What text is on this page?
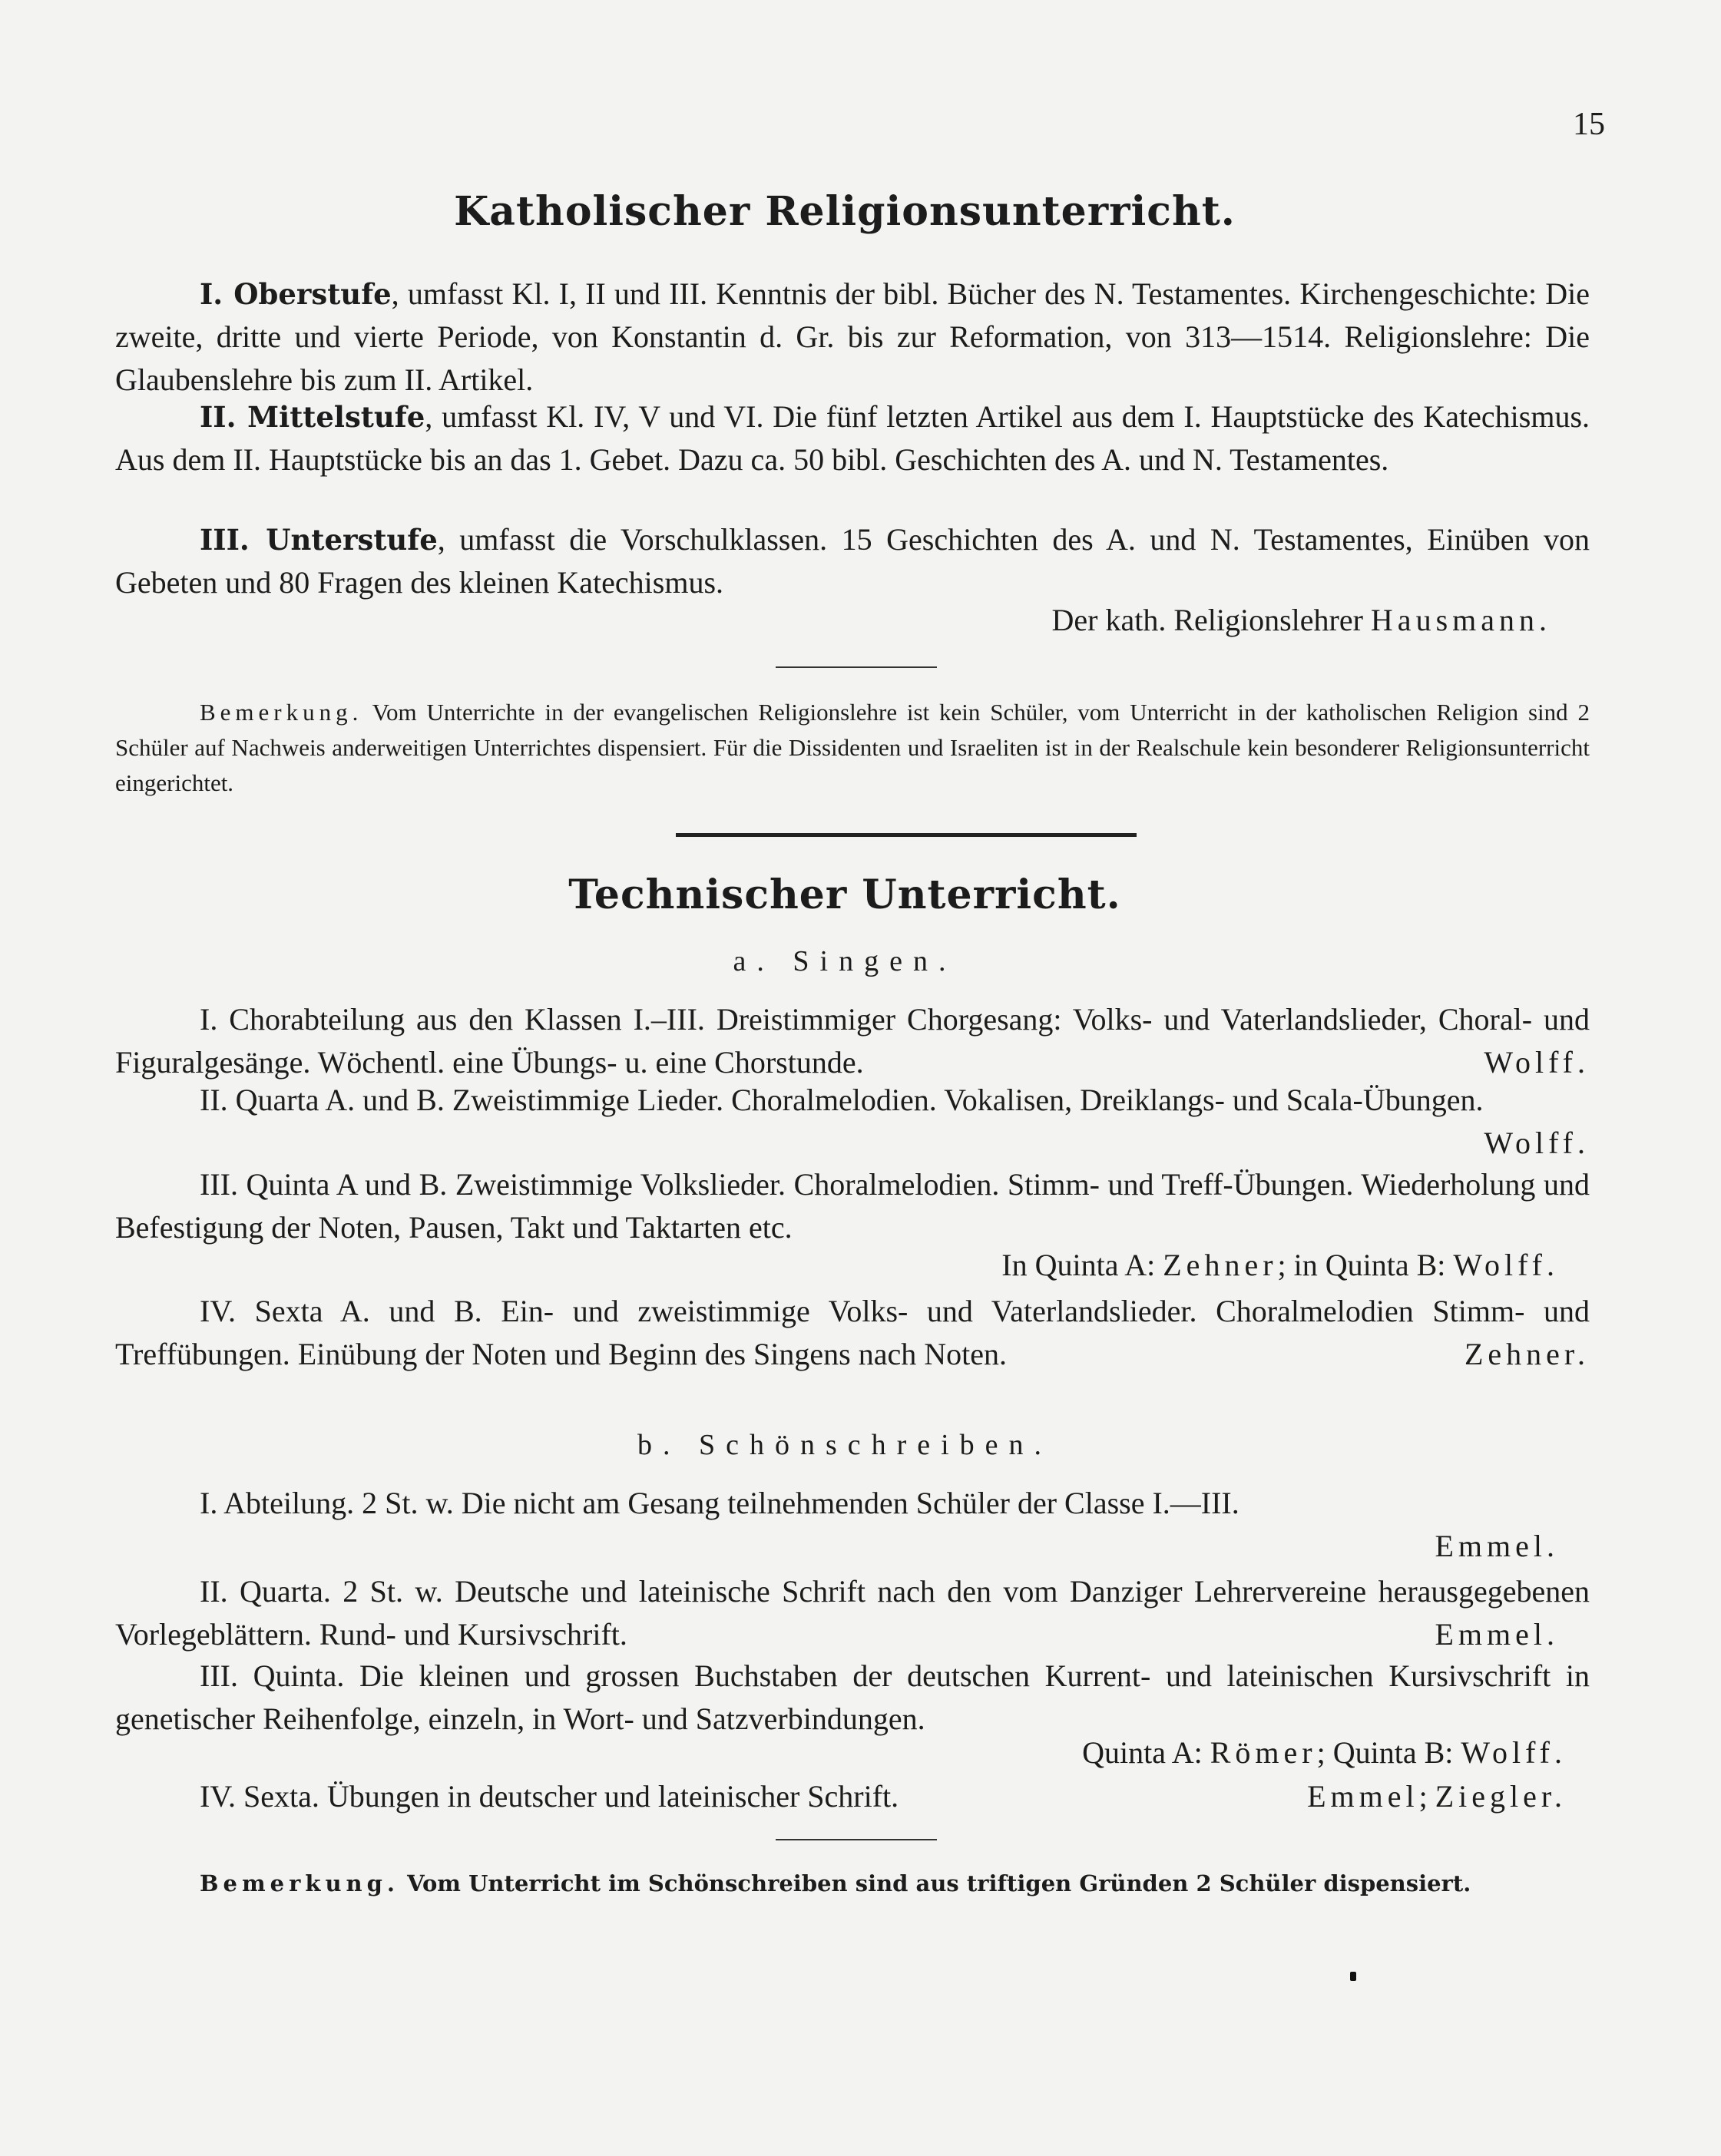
15
Katholischer Religionsunterricht.

I. Oberstufe, umfasst Kl. I, II und III. Kenntnis der bibl. Bücher des N. Testamentes. Kirchengeschichte: Die zweite, dritte und vierte Periode, von Konstantin d. Gr. bis zur Reformation, von 313—1514. Religionslehre: Die Glaubenslehre bis zum II. Artikel.

II. Mittelstufe, umfasst Kl. IV, V und VI. Die fünf letzten Artikel aus dem I. Hauptstücke des Katechismus. Aus dem II. Hauptstücke bis an das 1. Gebet. Dazu ca. 50 bibl. Geschichten des A. und N. Testamentes.

III. Unterstufe, umfasst die Vorschulklassen. 15 Geschichten des A. und N. Testamentes, Einüben von Gebeten und 80 Fragen des kleinen Katechismus.

Der kath. Religionslehrer Hausmann.

Bemerkung. Vom Unterrichte in der evangelischen Religionslehre ist kein Schüler, vom Unterricht in der katholischen Religion sind 2 Schüler auf Nachweis anderweitigen Unterrichtes dispensiert. Für die Dissidenten und Israeliten ist in der Realschule kein besonderer Religionsunterricht eingerichtet.

Technischer Unterricht.
a. Singen.

I. Chorabteilung aus den Klassen I.–III. Dreistimmiger Chorgesang: Volks- und Vaterlandslieder, Choral- und Figuralgesänge. Wöchentl. eine Übungs- u. eine Chorstunde.	Wolff.

II. Quarta A. und B. Zweistimmige Lieder. Choralmelodien. Vokalisen, Dreiklangs- und Scala-Übungen.
Wolff.

III. Quinta A und B. Zweistimmige Volkslieder. Choralmelodien. Stimm- und Treff-Übungen. Wiederholung und Befestigung der Noten, Pausen, Takt und Taktarten etc.

In Quinta A: Zehner; in Quinta B: Wolff.

IV. Sexta A. und B. Ein- und zweistimmige Volks- und Vaterlandslieder. Choralmelodien Stimm- und Treffübungen. Einübung der Noten und Beginn des Singens nach Noten.	Zehner.

b. Schönschreiben.

I. Abteilung. 2 St. w. Die nicht am Gesang teilnehmenden Schüler der Classe I.—III.
Emmel.

II. Quarta. 2 St. w. Deutsche und lateinische Schrift nach den vom Danziger Lehrervereine herausgegebenen Vorlegeblättern. Rund- und Kursivschrift.	Emmel.

III. Quinta. Die kleinen und grossen Buchstaben der deutschen Kurrent- und lateinischen Kursivschrift in genetischer Reihenfolge, einzeln, in Wort- und Satzverbindungen.

Quinta A: Römer; Quinta B: Wolff.

IV. Sexta. Übungen in deutscher und lateinischer Schrift.	Emmel; Ziegler.

Bemerkung. Vom Unterricht im Schönschreiben sind aus triftigen Gründen 2 Schüler dispensiert.
